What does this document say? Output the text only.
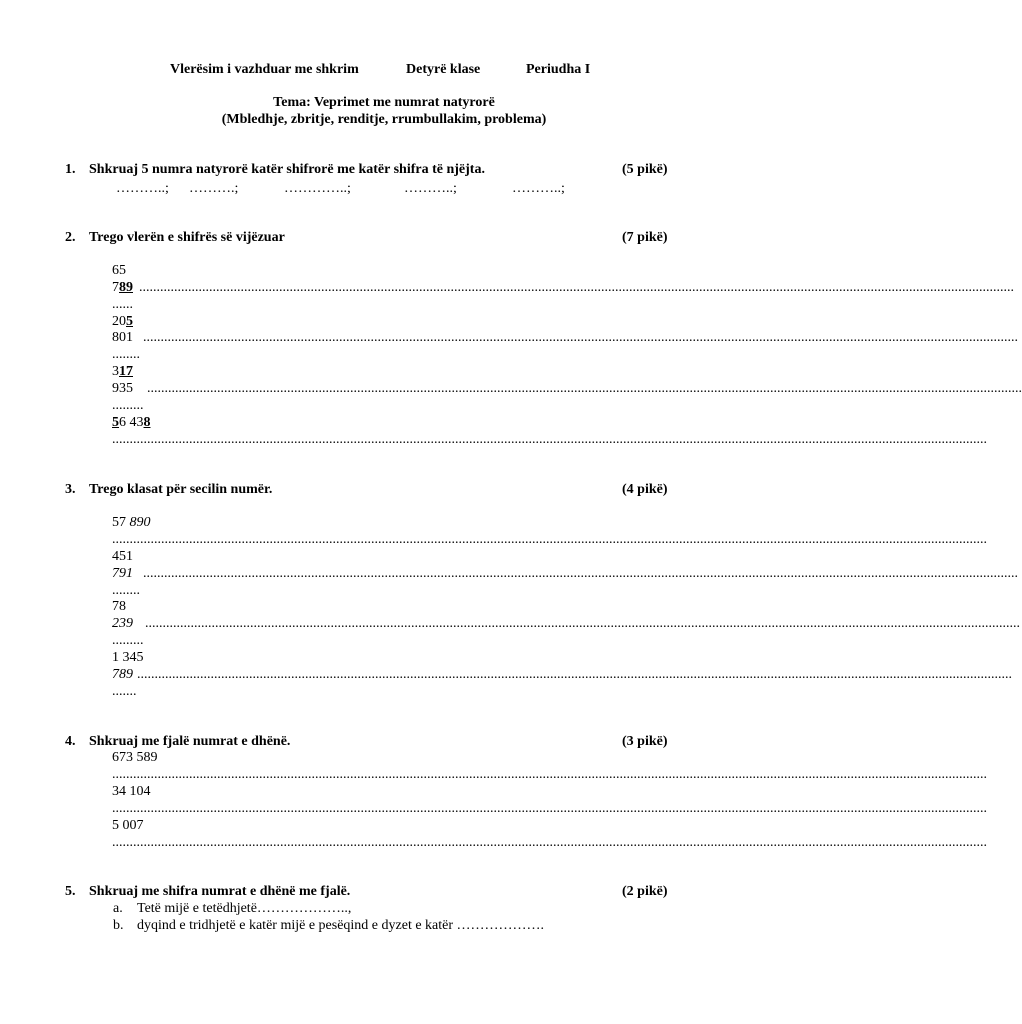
Vlerësim i vazhduar me shkrim	Detyrë klase	Periudha I
Tema: Veprimet me numrat natyrorë
(Mbledhje, zbritje, renditje, rrumbullakim, problema)
1. Shkruaj 5 numra natyrorë katër shifrorë me katër shifra të njëjta.	(5 pikë)
………..; ……….;	…………..;	………..;	………..;
2. Trego vlerën e shifrës së vijëzuar	(7 pikë)
65
789 ..........................................................................................................................................................................................................................................................
......
205
801 ..........................................................................................................................................................................................................................................................
........
317
935 ..........................................................................................................................................................................................................................................................
.........
56 438
..........................................................................................................................................................................................................................................................
3. Trego klasat për secilin numër.	(4 pikë)
57 890
..........................................................................................................................................................................................................................................................
451
791 ..........................................................................................................................................................................................................................................................
........
78
239 ..........................................................................................................................................................................................................................................................
.........
1 345
789 ..........................................................................................................................................................................................................................................................
.......
4. Shkruaj me fjalë numrat e dhënë.	(3 pikë)
673 589
..........................................................................................................................................................................................................................................................
34 104
..........................................................................................................................................................................................................................................................
5 007
..........................................................................................................................................................................................................................................................
5. Shkruaj me shifra numrat e dhënë me fjalë.	(2 pikë)
a. Tetë mijë e tetëdhjetë………………..,
b. dyqind e tridhjetë e katër mijë e pesëqind e dyzet e katër ……………….
